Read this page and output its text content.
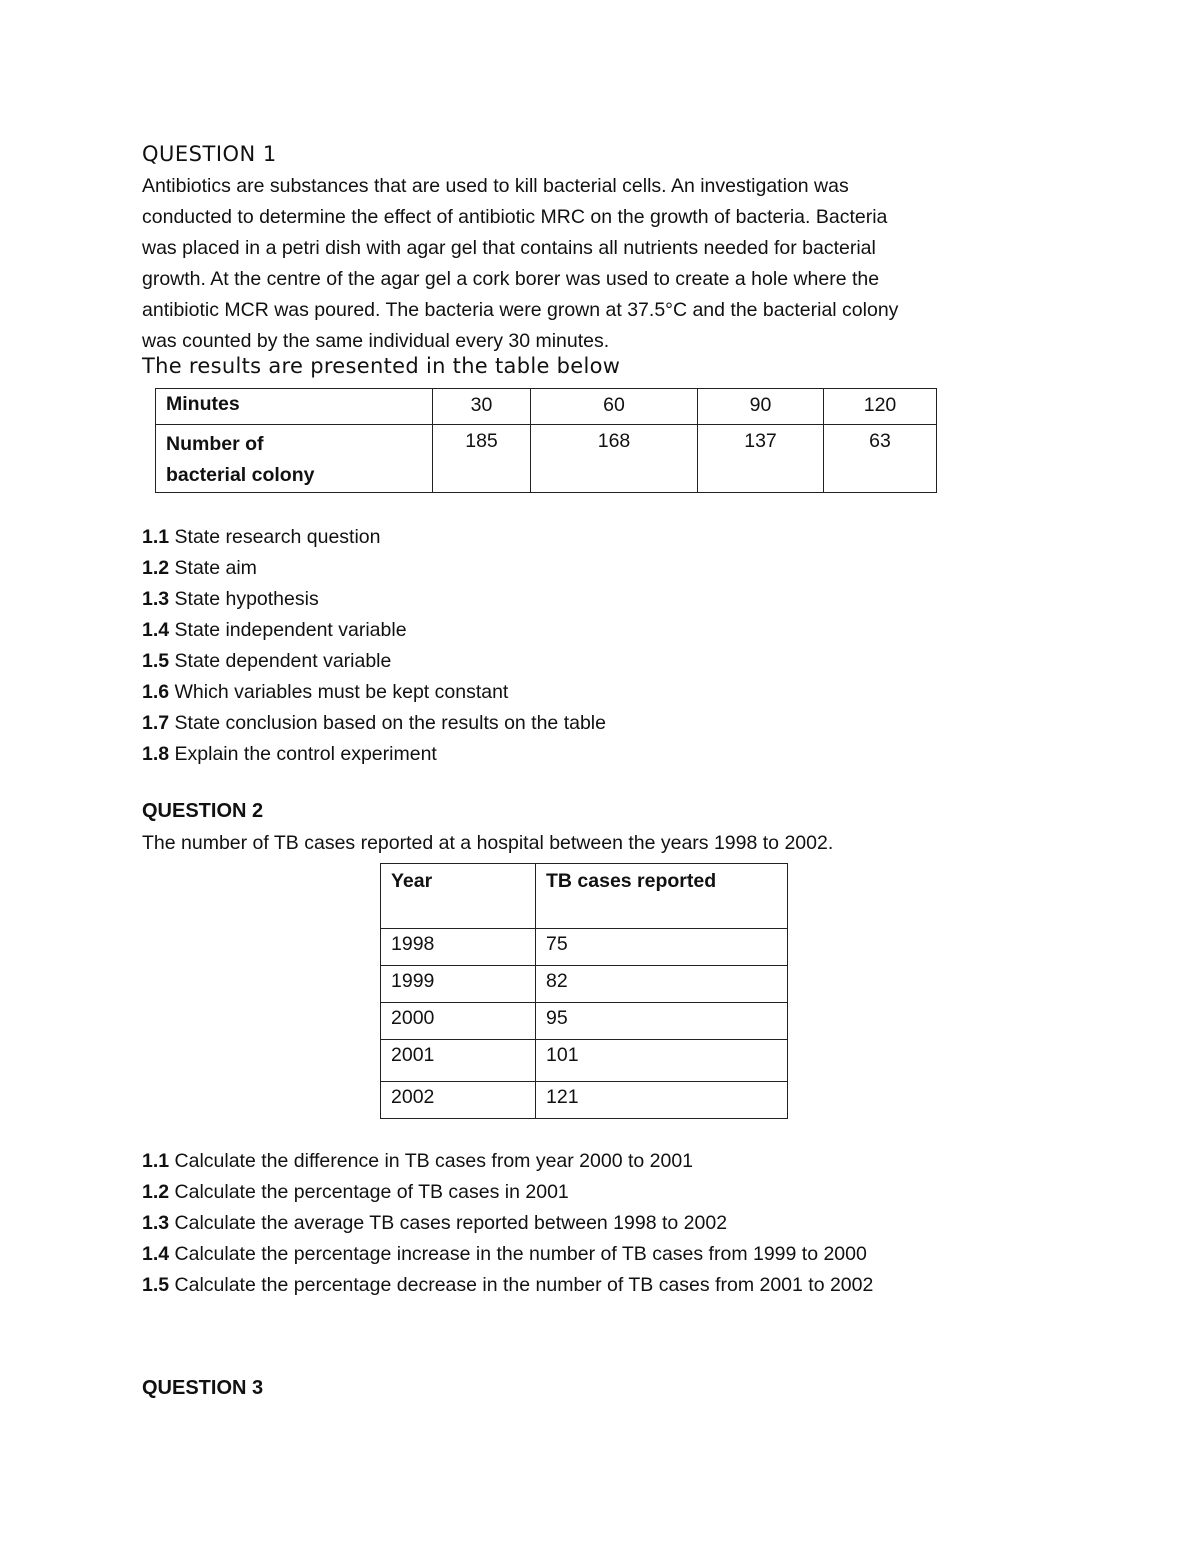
QUESTION 1
Antibiotics are substances that are used to kill bacterial cells. An investigation was
conducted to determine the effect of antibiotic MRC on the growth of bacteria. Bacteria
was placed in a petri dish with agar gel that contains all nutrients needed for bacterial
growth. At the centre of the agar gel a cork borer was used to create a hole where the
antibiotic MCR was poured. The bacteria were grown at 37.5°C and the bacterial colony
was counted by the same individual every 30 minutes.
The results are presented in the table below
Minutes	30	60	90	120
Number of bacterial colony	185	168	137	63
1.1 State research question
1.2 State aim
1.3 State hypothesis
1.4 State independent variable
1.5 State dependent variable
1.6 Which variables must be kept constant
1.7 State conclusion based on the results on the table
1.8 Explain the control experiment
QUESTION 2
The number of TB cases reported at a hospital between the years 1998 to 2002.
Year	TB cases reported
1998	75
1999	82
2000	95
2001	101
2002	121
1.1 Calculate the difference in TB cases from year 2000 to 2001
1.2 Calculate the percentage of TB cases in 2001
1.3 Calculate the average TB cases reported between 1998 to 2002
1.4 Calculate the percentage increase in the number of TB cases from 1999 to 2000
1.5 Calculate the percentage decrease in the number of TB cases from 2001 to 2002
QUESTION 3
